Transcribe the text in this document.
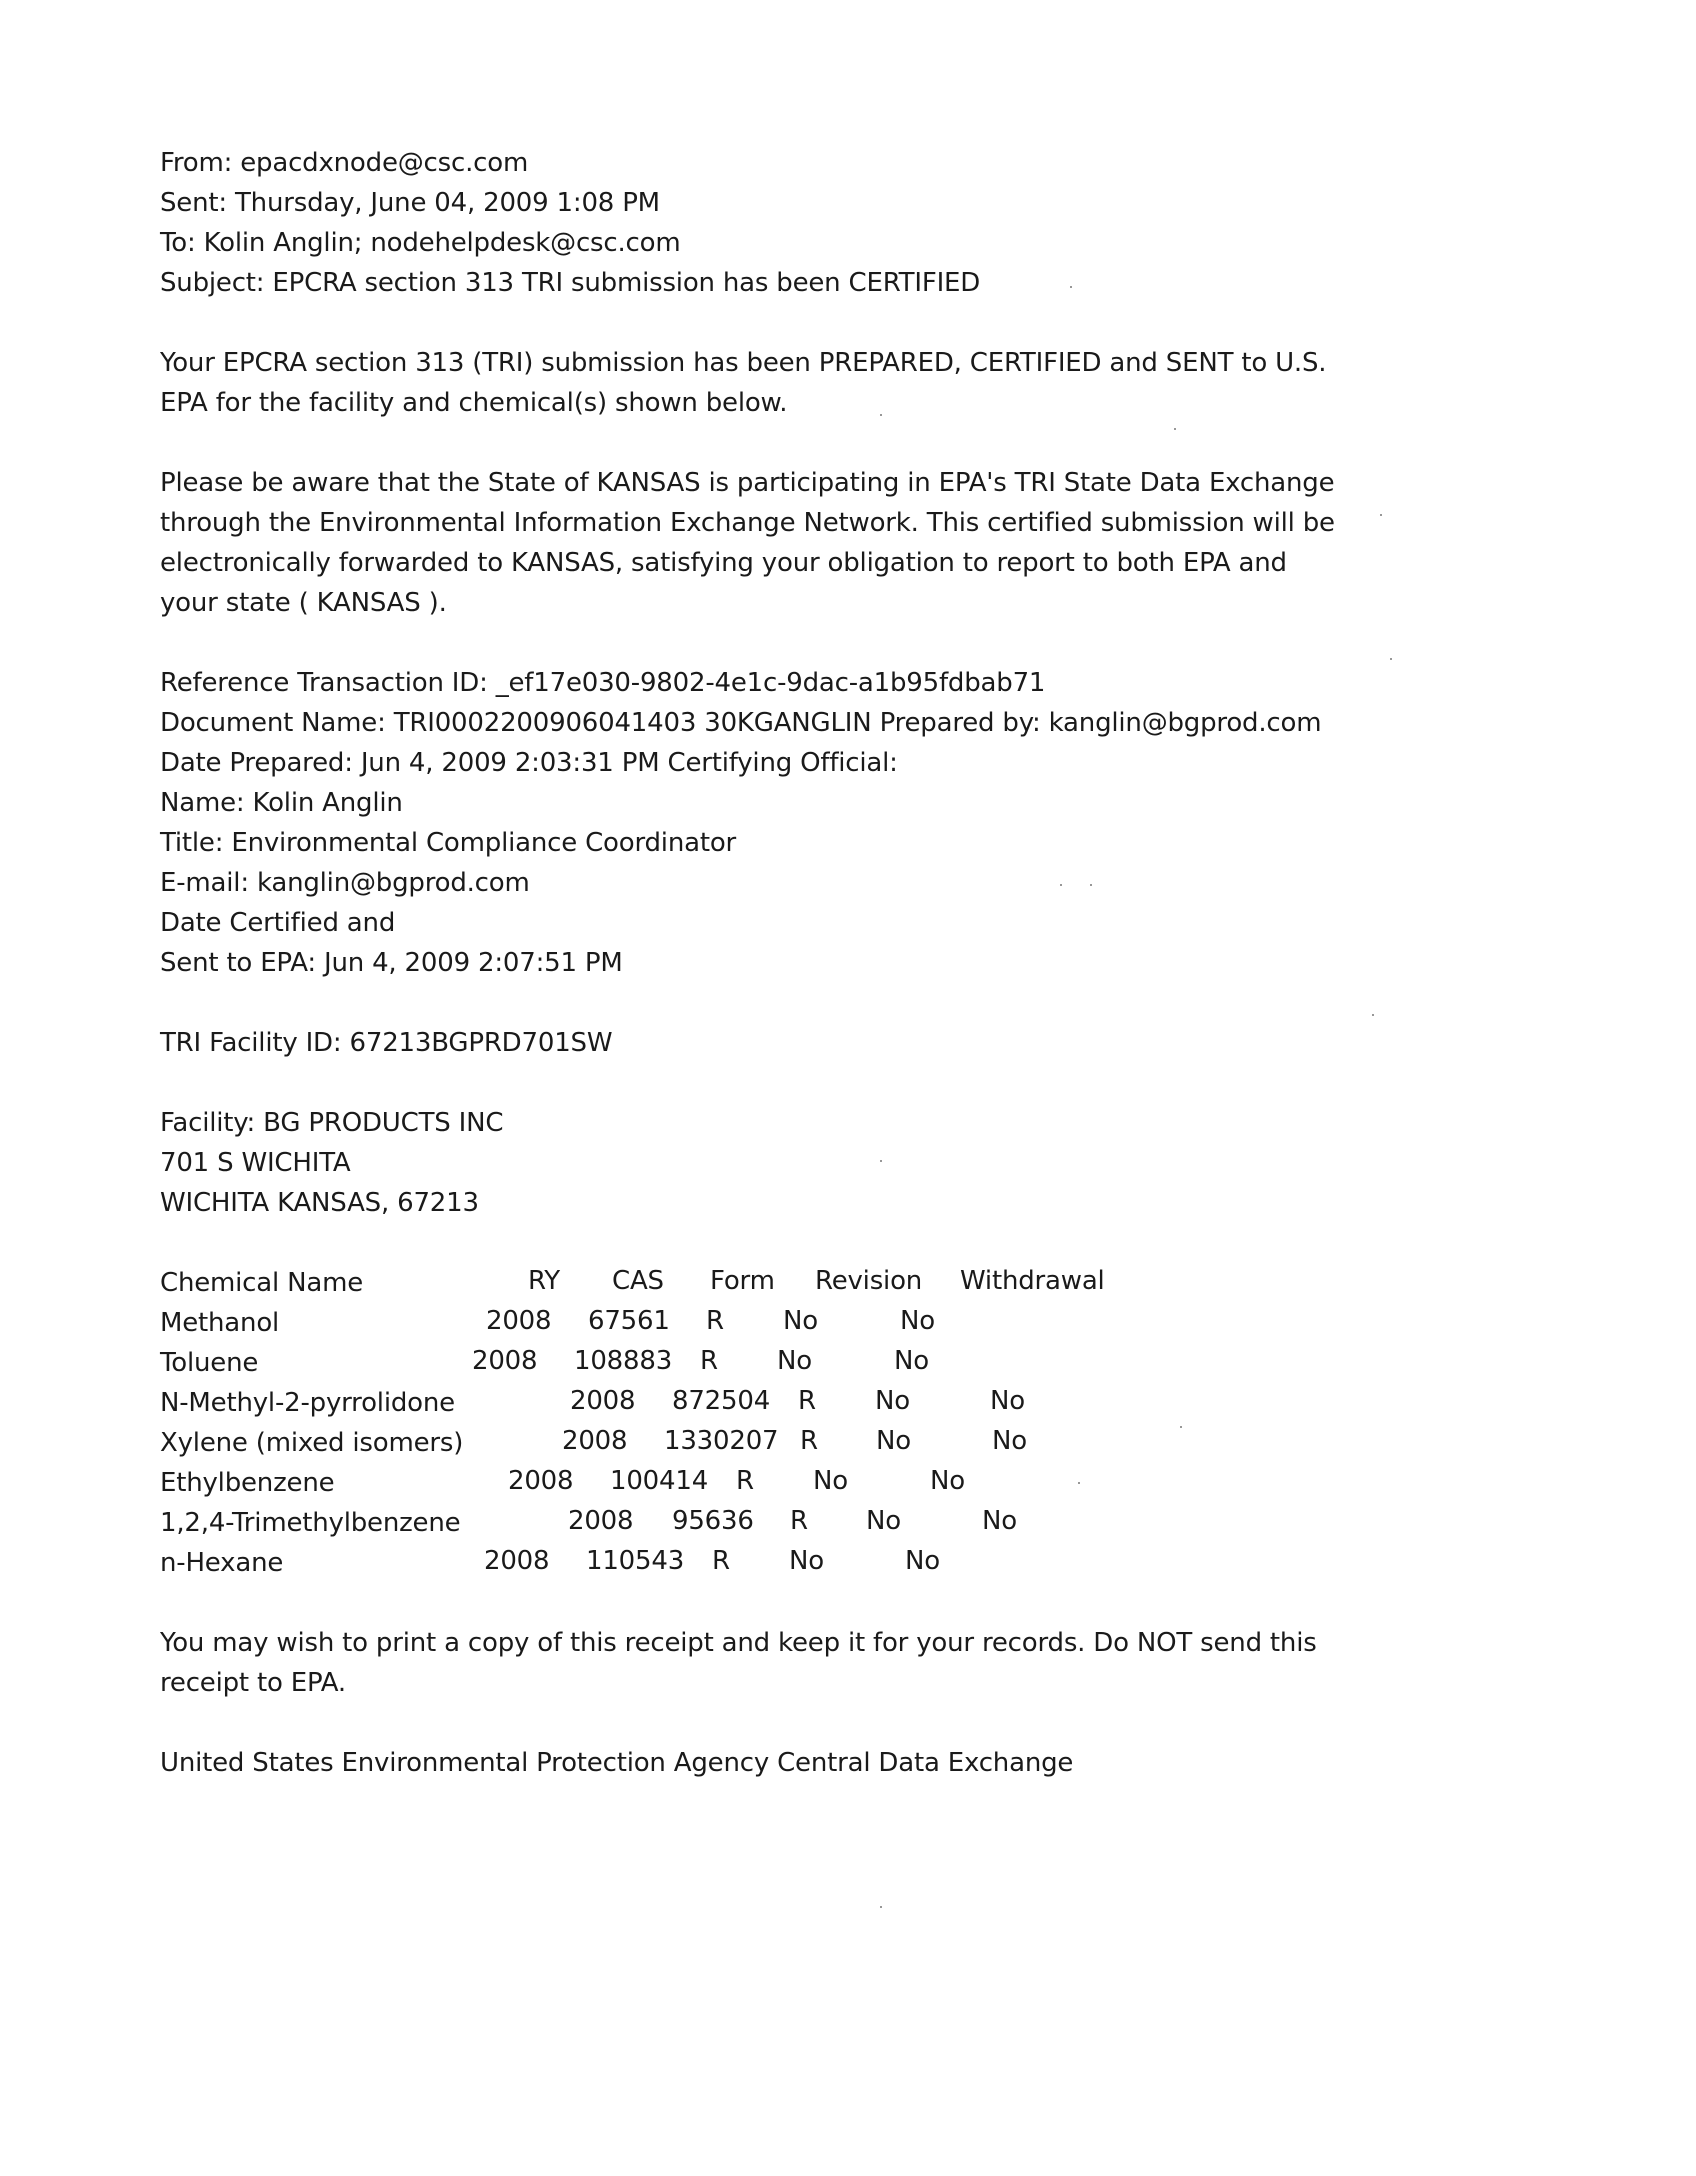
From: epacdxnode@csc.com
Sent: Thursday, June 04, 2009 1:08 PM
To: Kolin Anglin; nodehelpdesk@csc.com
Subject: EPCRA section 313 TRI submission has been CERTIFIED
Your EPCRA section 313 (TRI) submission has been PREPARED, CERTIFIED and SENT to U.S.
EPA for the facility and chemical(s) shown below.
Please be aware that the State of KANSAS is participating in EPA's TRI State Data Exchange
through the Environmental Information Exchange Network. This certified submission will be
electronically forwarded to KANSAS, satisfying your obligation to report to both EPA and
your state ( KANSAS ).
Reference Transaction ID: _ef17e030-9802-4e1c-9dac-a1b95fdbab71
Document Name: TRI0002200906041403 30KGANGLIN Prepared by: kanglin@bgprod.com
Date Prepared: Jun 4, 2009 2:03:31 PM Certifying Official:
Name: Kolin Anglin
Title: Environmental Compliance Coordinator
E-mail: kanglin@bgprod.com
Date Certified and
Sent to EPA: Jun 4, 2009 2:07:51 PM
TRI Facility ID: 67213BGPRD701SW
Facility: BG PRODUCTS INC
701 S WICHITA
WICHITA KANSAS, 67213
Chemical Name	RY CAS Form Revision Withdrawal
Methanol	2008 67561 R No	No
Toluene	2008 108883 R No	No
N-Methyl-2-pyrrolidone	2008 872504 R No	No
Xylene (mixed isomers)	2008 1330207 R No	No
Ethylbenzene	2008 100414 R No	No
1,2,4-Trimethylbenzene	2008 95636 R No	No
n-Hexane	2008 110543 R No	No
You may wish to print a copy of this receipt and keep it for your records. Do NOT send this
receipt to EPA.
United States Environmental Protection Agency Central Data Exchange
